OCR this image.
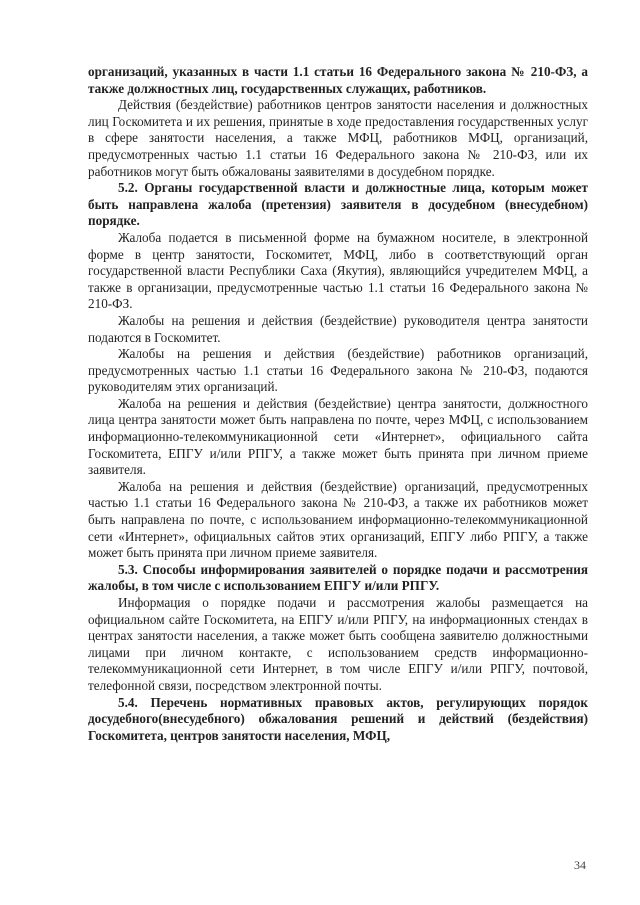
организаций, указанных в части 1.1 статьи 16 Федерального закона № 210-ФЗ, а также должностных лиц, государственных служащих, работников.

Действия (бездействие) работников центров занятости населения и должностных лиц Госкомитета и их решения, принятые в ходе предоставления государственных услуг в сфере занятости населения, а также МФЦ, работников МФЦ, организаций, предусмотренных частью 1.1 статьи 16 Федерального закона № 210-ФЗ, или их работников могут быть обжалованы заявителями в досудебном порядке.

5.2. Органы государственной власти и должностные лица, которым может быть направлена жалоба (претензия) заявителя в досудебном (внесудебном) порядке.

Жалоба подается в письменной форме на бумажном носителе, в электронной форме в центр занятости, Госкомитет, МФЦ, либо в соответствующий орган государственной власти Республики Саха (Якутия), являющийся учредителем МФЦ, а также в организации, предусмотренные частью 1.1 статьи 16 Федерального закона № 210-ФЗ.

Жалобы на решения и действия (бездействие) руководителя центра занятости подаются в Госкомитет.

Жалобы на решения и действия (бездействие) работников организаций, предусмотренных частью 1.1 статьи 16 Федерального закона № 210-ФЗ, подаются руководителям этих организаций.

Жалоба на решения и действия (бездействие) центра занятости, должностного лица центра занятости может быть направлена по почте, через МФЦ, с использованием информационно-телекоммуникационной сети «Интернет», официального сайта Госкомитета, ЕПГУ и/или РПГУ, а также может быть принята при личном приеме заявителя.

Жалоба на решения и действия (бездействие) организаций, предусмотренных частью 1.1 статьи 16 Федерального закона № 210-ФЗ, а также их работников может быть направлена по почте, с использованием информационно-телекоммуникационной сети «Интернет», официальных сайтов этих организаций, ЕПГУ либо РПГУ, а также может быть принята при личном приеме заявителя.

5.3. Способы информирования заявителей о порядке подачи и рассмотрения жалобы, в том числе с использованием ЕПГУ и/или РПГУ.

Информация о порядке подачи и рассмотрения жалобы размещается на официальном сайте Госкомитета, на ЕПГУ и/или РПГУ, на информационных стендах в центрах занятости населения, а также может быть сообщена заявителю должностными лицами при личном контакте, с использованием средств информационно-телекоммуникационной сети Интернет, в том числе ЕПГУ и/или РПГУ, почтовой, телефонной связи, посредством электронной почты.

5.4. Перечень нормативных правовых актов, регулирующих порядок досудебного(внесудебного) обжалования решений и действий (бездействия) Госкомитета, центров занятости населения, МФЦ,

34
